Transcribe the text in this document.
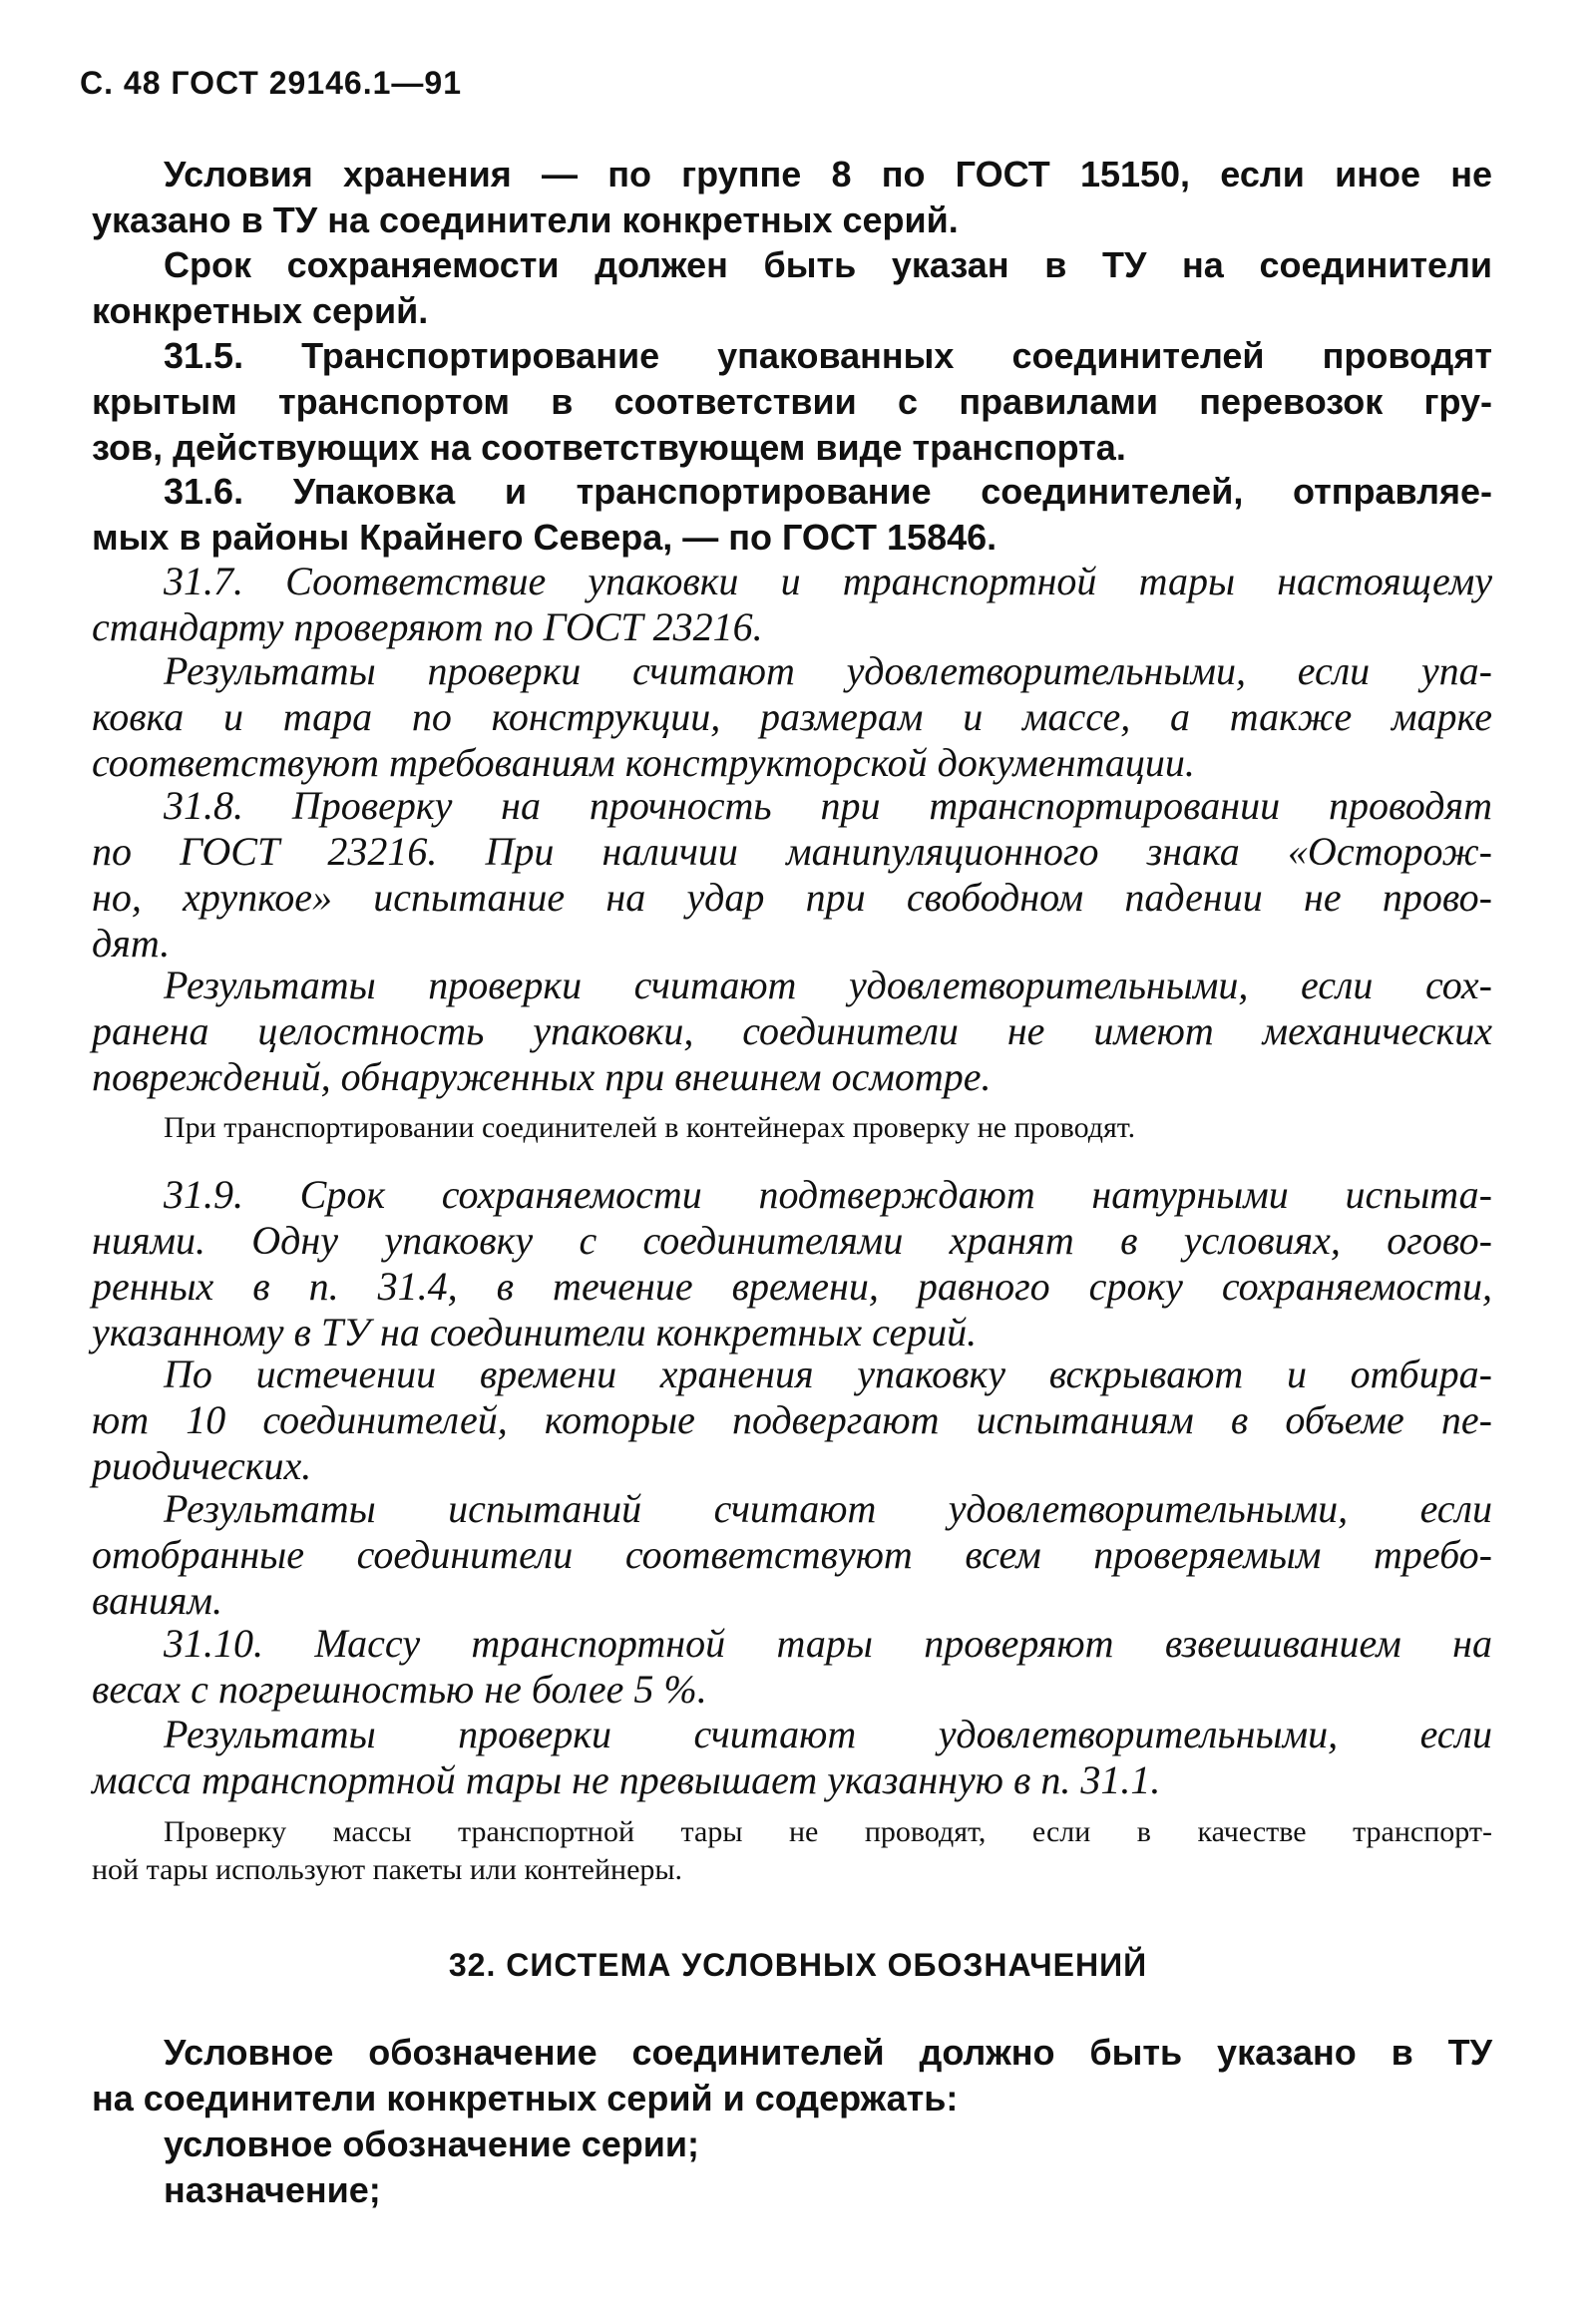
С. 48 ГОСТ 29146.1—91
Условия хранения — по группе 8 по ГОСТ 15150, если иное не
указано в ТУ на соединители конкретных серий.
Срок сохраняемости должен быть указан в ТУ на соединители
конкретных серий.
31.5. Транспортирование упакованных соединителей проводят
крытым транспортом в соответствии с правилами перевозок гру-
зов, действующих на соответствующем виде транспорта.
31.6. Упаковка и транспортирование соединителей, отправляе-
мых в районы Крайнего Севера, — по ГОСТ 15846.
31.7. Соответствие упаковки и транспортной тары настоящему
стандарту проверяют по ГОСТ 23216.
Результаты проверки считают удовлетворительными, если упа-
ковка и тара по конструкции, размерам и массе, а также марке
соответствуют требованиям конструкторской документации.
31.8. Проверку на прочность при транспортировании проводят
по ГОСТ 23216. При наличии манипуляционного знака «Осторож-
но, хрупкое» испытание на удар при свободном падении не прово-
дят.
Результаты проверки считают удовлетворительными, если сох-
ранена целостность упаковки, соединители не имеют механических
повреждений, обнаруженных при внешнем осмотре.
При транспортировании соединителей в контейнерах проверку не проводят.
31.9. Срок сохраняемости подтверждают натурными испыта-
ниями. Одну упаковку с соединителями хранят в условиях, огово-
ренных в п. 31.4, в течение времени, равного сроку сохраняемости,
указанному в ТУ на соединители конкретных серий.
По истечении времени хранения упаковку вскрывают и отбира-
ют 10 соединителей, которые подвергают испытаниям в объеме пе-
риодических.
Результаты испытаний считают удовлетворительными, если
отобранные соединители соответствуют всем проверяемым требо-
ваниям.
31.10. Массу транспортной тары проверяют взвешиванием на
весах с погрешностью не более 5 %.
Результаты проверки считают удовлетворительными, если
масса транспортной тары не превышает указанную в п. 31.1.
Проверку массы транспортной тары не проводят, если в качестве транспорт-
ной тары используют пакеты или контейнеры.
32. СИСТЕМА УСЛОВНЫХ ОБОЗНАЧЕНИЙ
Условное обозначение соединителей должно быть указано в ТУ
на соединители конкретных серий и содержать:
условное обозначение серии;
назначение;
